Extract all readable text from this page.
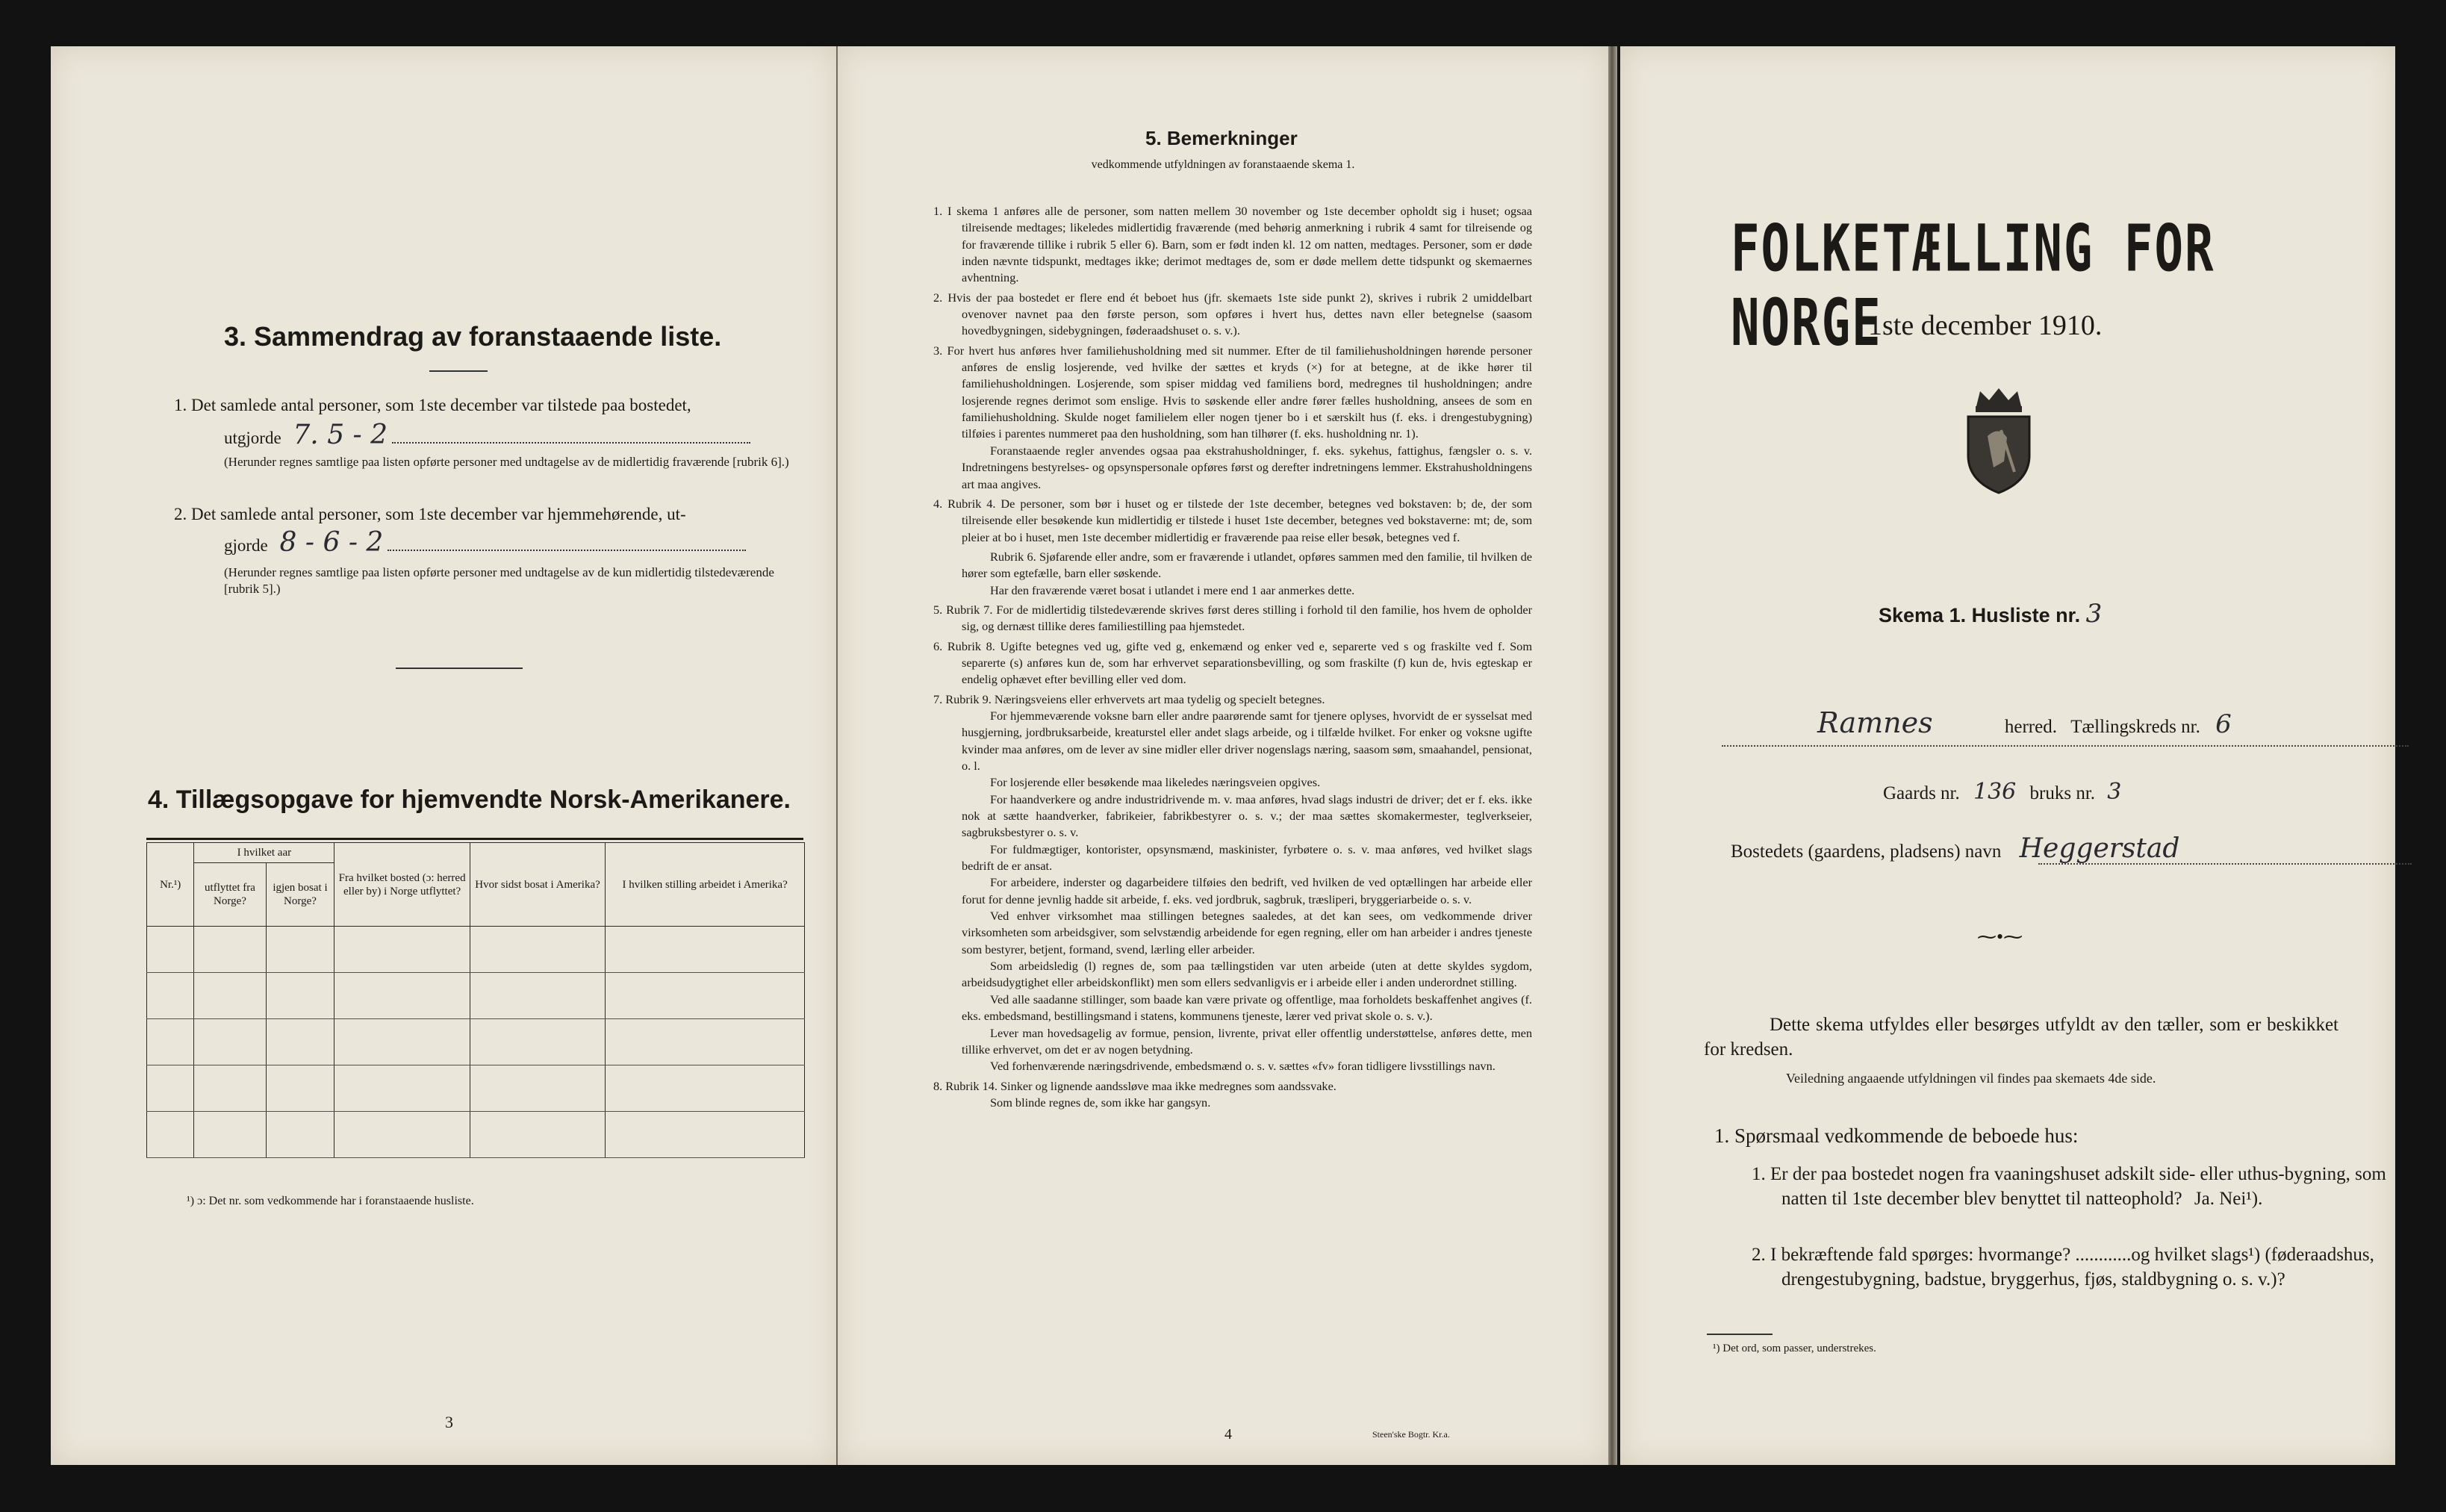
3. Sammendrag av foranstaaende liste.
1. Det samlede antal personer, som 1ste december var tilstede paa bostedet,
utgjorde 7. 5 - 2
(Herunder regnes samtlige paa listen opførte personer med undtagelse av de midlertidig fraværende [rubrik 6].)
2. Det samlede antal personer, som 1ste december var hjemmehørende, ut-
gjorde 8 - 6 - 2
(Herunder regnes samtlige paa listen opførte personer med undtagelse av de kun midlertidig tilstedeværende [rubrik 5].)
4. Tillægsopgave for hjemvendte Norsk-Amerikanere.
Nr.¹)	I hvilket aar		Fra hvilket bosted (ɔ: herred eller by) i Norge utflyttet?	Hvor sidst bosat i Amerika?	I hvilken stilling arbeidet i Amerika?
	utflyttet fra Norge?	igjen bosat i Norge?			

¹) ɔ: Det nr. som vedkommende har i foranstaaende husliste.
3
5. Bemerkninger
vedkommende utfyldningen av foranstaaende skema 1.

1. I skema 1 anføres alle de personer, som natten mellem 30 november og 1ste december opholdt sig i huset; ogsaa tilreisende medtages; likeledes midlertidig fraværende (med behørig anmerkning i rubrik 4 samt for tilreisende og for fraværende tillike i rubrik 5 eller 6). Barn, som er født inden kl. 12 om natten, medtages. Personer, som er døde inden nævnte tidspunkt, medtages ikke; derimot medtages de, som er døde mellem dette tidspunkt og skemaernes avhentning.

2. Hvis der paa bostedet er flere end ét beboet hus (jfr. skemaets 1ste side punkt 2), skrives i rubrik 2 umiddelbart ovenover navnet paa den første person, som opføres i hvert hus, dettes navn eller betegnelse (saasom hovedbygningen, sidebygningen, føderaadshuset o. s. v.).

3. For hvert hus anføres hver familiehusholdning med sit nummer. Efter de til familiehusholdningen hørende personer anføres de enslig losjerende, ved hvilke der sættes et kryds (×) for at betegne, at de ikke hører til familiehusholdningen. Losjerende, som spiser middag ved familiens bord, medregnes til husholdningen; andre losjerende regnes derimot som enslige. Hvis to søskende eller andre fører fælles husholdning, ansees de som en familiehusholdning. Skulde noget familielem eller nogen tjener bo i et særskilt hus (f. eks. i drengestubygning) tilføies i parentes nummeret paa den husholdning, som han tilhører (f. eks. husholdning nr. 1).

Foranstaaende regler anvendes ogsaa paa ekstrahusholdninger, f. eks. sykehus, fattighus, fængsler o. s. v. Indretningens bestyrelses- og opsynspersonale opføres først og derefter indretningens lemmer. Ekstrahusholdningens art maa angives.

4. Rubrik 4. De personer, som bør i huset og er tilstede der 1ste december, betegnes ved bokstaven: b; de, der som tilreisende eller besøkende kun midlertidig er tilstede i huset 1ste december, betegnes ved bokstaverne: mt; de, som pleier at bo i huset, men 1ste december midlertidig er fraværende paa reise eller besøk, betegnes ved f.

Rubrik 6. Sjøfarende eller andre, som er fraværende i utlandet, opføres sammen med den familie, til hvilken de hører som egtefælle, barn eller søskende.

Har den fraværende været bosat i utlandet i mere end 1 aar anmerkes dette.

5. Rubrik 7. For de midlertidig tilstedeværende skrives først deres stilling i forhold til den familie, hos hvem de opholder sig, og dernæst tillike deres familiestilling paa hjemstedet.

6. Rubrik 8. Ugifte betegnes ved ug, gifte ved g, enkemænd og enker ved e, separerte ved s og fraskilte ved f. Som separerte (s) anføres kun de, som har erhvervet separationsbevilling, og som fraskilte (f) kun de, hvis egteskap er endelig ophævet efter bevilling eller ved dom.

7. Rubrik 9. Næringsveiens eller erhvervets art maa tydelig og specielt betegnes.

For hjemmeværende voksne barn eller andre paarørende samt for tjenere oplyses, hvorvidt de er sysselsat med husgjerning, jordbruksarbeide, kreaturstel eller andet slags arbeide, og i tilfælde hvilket. For enker og voksne ugifte kvinder maa anføres, om de lever av sine midler eller driver nogenslags næring, saasom søm, smaahandel, pensionat, o. l.

For losjerende eller besøkende maa likeledes næringsveien opgives.

For haandverkere og andre industridrivende m. v. maa anføres, hvad slags industri de driver; det er f. eks. ikke nok at sætte haandverker, fabrikeier, fabrikbestyrer o. s. v.; der maa sættes skomakermester, teglverkseier, sagbruksbestyrer o. s. v.

For fuldmægtiger, kontorister, opsynsmænd, maskinister, fyrbøtere o. s. v. maa anføres, ved hvilket slags bedrift de er ansat.

For arbeidere, inderster og dagarbeidere tilføies den bedrift, ved hvilken de ved optællingen har arbeide eller forut for denne jevnlig hadde sit arbeide, f. eks. ved jordbruk, sagbruk, træsliperi, bryggeriarbeide o. s. v.

Ved enhver virksomhet maa stillingen betegnes saaledes, at det kan sees, om vedkommende driver virksomheten som arbeidsgiver, som selvstændig arbeidende for egen regning, eller om han arbeider i andres tjeneste som bestyrer, betjent, formand, svend, lærling eller arbeider.

Som arbeidsledig (l) regnes de, som paa tællingstiden var uten arbeide (uten at dette skyldes sygdom, arbeidsudygtighet eller arbeidskonflikt) men som ellers sedvanligvis er i arbeide eller i anden underordnet stilling.

Ved alle saadanne stillinger, som baade kan være private og offentlige, maa forholdets beskaffenhet angives (f. eks. embedsmand, bestillingsmand i statens, kommunens tjeneste, lærer ved privat skole o. s. v.).

Lever man hovedsagelig av formue, pension, livrente, privat eller offentlig understøttelse, anføres dette, men tillike erhvervet, om det er av nogen betydning.

Ved forhenværende næringsdrivende, embedsmænd o. s. v. sættes «fv» foran tidligere livsstillings navn.

8. Rubrik 14. Sinker og lignende aandssløve maa ikke medregnes som aandssvake.

Som blinde regnes de, som ikke har gangsyn.

4	Steen'ske Bogtr. Kr.a.
FOLKETÆLLING FOR NORGE
1ste december 1910.
Skema 1. Husliste nr. 3
Ramnes	herred. Tællingskreds nr. 6
Gaards nr. 136 bruks nr. 3
Bostedets (gaardens, pladsens) navn Heggerstad
⁓•⁓
Dette skema utfyldes eller besørges utfyldt av den tæller, som er beskikket for kredsen.
Veiledning angaaende utfyldningen vil findes paa skemaets 4de side.
1. Spørsmaal vedkommende de beboede hus:
1. Er der paa bostedet nogen fra vaaningshuset adskilt side- eller uthus-bygning, som natten til 1ste december blev benyttet til natteophold? Ja. Nei¹).
2. I bekræftende fald spørges: hvormange? ............og hvilket slags¹) (føderaadshus, drengestubygning, badstue, bryggerhus, fjøs, staldbygning o. s. v.)?
¹) Det ord, som passer, understrekes.
